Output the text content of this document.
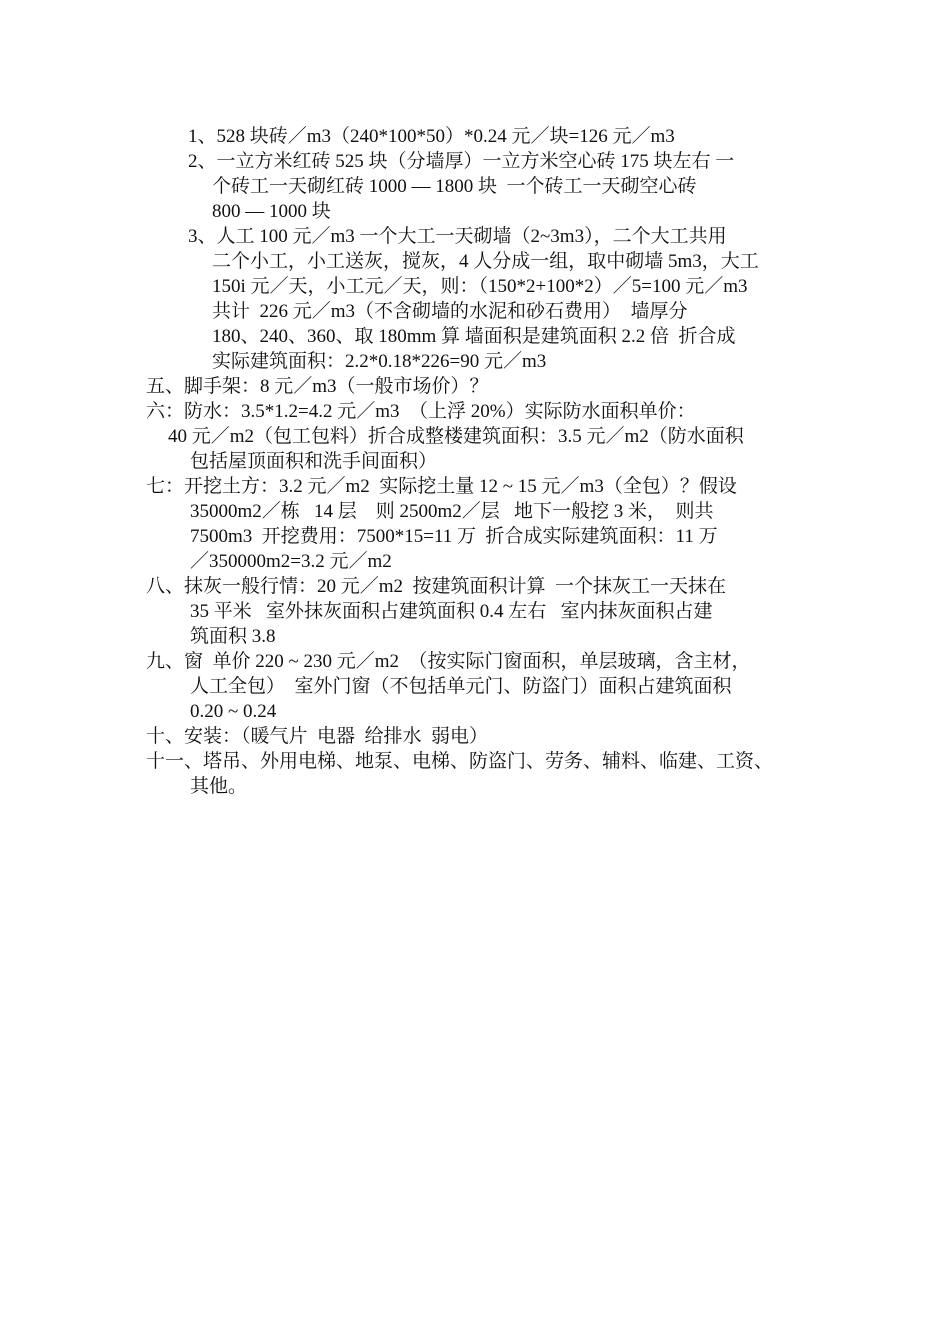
1、528 块砖／m3（240*100*50）*0.24 元／块=126 元／m3
2、一立方米红砖 525 块（分墙厚）一立方米空心砖 175 块左右 一
个砖工一天砌红砖 1000 — 1800 块  一个砖工一天砌空心砖
800 — 1000 块
3、人工 100 元／m3 一个大工一天砌墙（2~3m3），二个大工共用
二个小工，小工送灰，搅灰，4 人分成一组，取中砌墙 5m3，大工
150i 元／天，小工元／天，则：（150*2+100*2）／5=100 元／m3
共计  226 元／m3（不含砌墙的水泥和砂石费用）  墙厚分
180、240、360、取 180mm 算 墙面积是建筑面积 2.2 倍  折合成
实际建筑面积：2.2*0.18*226=90 元／m3
五、脚手架：8 元／m3（一般市场价）？
六：防水：3.5*1.2=4.2 元／m3  （上浮 20%）实际防水面积单价：
40 元／m2（包工包料）折合成整楼建筑面积：3.5 元／m2（防水面积
包括屋顶面积和洗手间面积）
七：开挖土方：3.2 元／m2  实际挖土量 12 ~ 15 元／m3（全包）？假设
35000m2／栋   14 层    则 2500m2／层   地下一般挖 3 米，  则共
7500m3  开挖费用：7500*15=11 万  折合成实际建筑面积：11 万
／350000m2=3.2 元／m2
八、抹灰一般行情：20 元／m2  按建筑面积计算  一个抹灰工一天抹在
35 平米   室外抹灰面积占建筑面积 0.4 左右   室内抹灰面积占建
筑面积 3.8
九、窗  单价 220 ~ 230 元／m2  （按实际门窗面积，单层玻璃，含主材，
人工全包）  室外门窗（不包括单元门、防盗门）面积占建筑面积
0.20 ~ 0.24
十、安装：（暖气片  电器  给排水  弱电）
十一、塔吊、外用电梯、地泵、电梯、防盗门、劳务、辅料、临建、工资、
其他。
